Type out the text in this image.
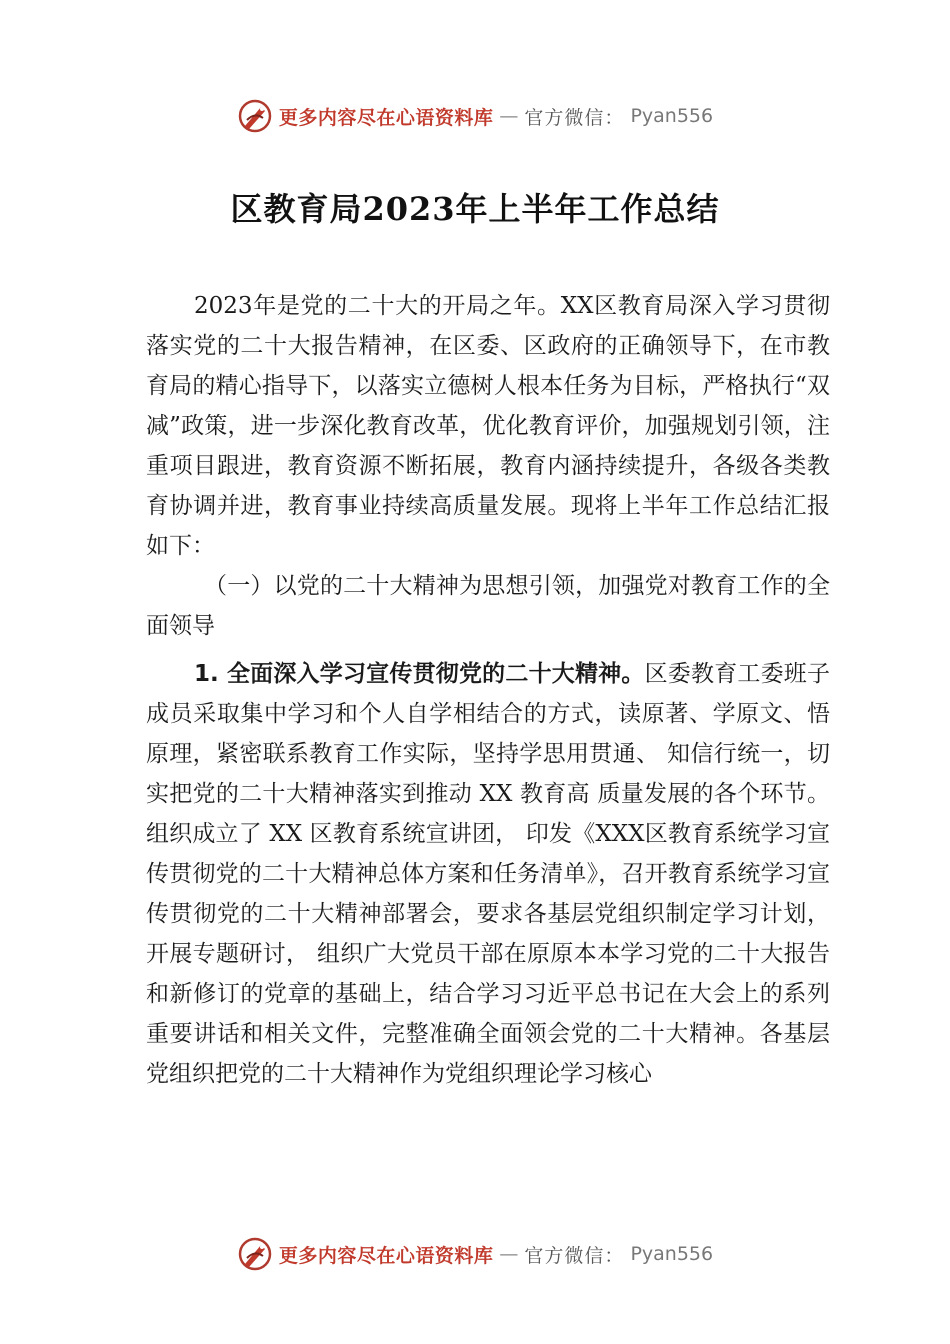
更多内容尽在心语资料库 — 官方微信： Pyan556
区教育局2023年上半年工作总结

2023年是党的二十大的开局之年。XX区教育局深入学习贯彻落实党的二十大报告精神，在区委、区政府的正确领导下，在市教育局的精心指导下，以落实立德树人根本任务为目标，严格执行“双减”政策，进一步深化教育改革，优化教育评价，加强规划引领，注重项目跟进，教育资源不断拓展，教育内涵持续提升，各级各类教育协调并进，教育事业持续高质量发展。现将上半年工作总结汇报如下：

（一）以党的二十大精神为思想引领，加强党对教育工作的全面领导

1. 全面深入学习宣传贯彻党的二十大精神。区委教育工委班子成员采取集中学习和个人自学相结合的方式，读原著、学原文、悟原理，紧密联系教育工作实际，坚持学思用贯通、 知信行统一，切实把党的二十大精神落实到推动 XX 教育高 质量发展的各个环节。组织成立了 XX 区教育系统宣讲团， 印发《XXX区教育系统学习宣传贯彻党的二十大精神总体方案和任务清单》，召开教育系统学习宣传贯彻党的二十大精神部署会，要求各基层党组织制定学习计划，开展专题研讨， 组织广大党员干部在原原本本学习党的二十大报告和新修订的党章的基础上，结合学习习近平总书记在大会上的系列重要讲话和相关文件，完整准确全面领会党的二十大精神。各基层党组织把党的二十大精神作为党组织理论学习核心

更多内容尽在心语资料库 — 官方微信： Pyan556
